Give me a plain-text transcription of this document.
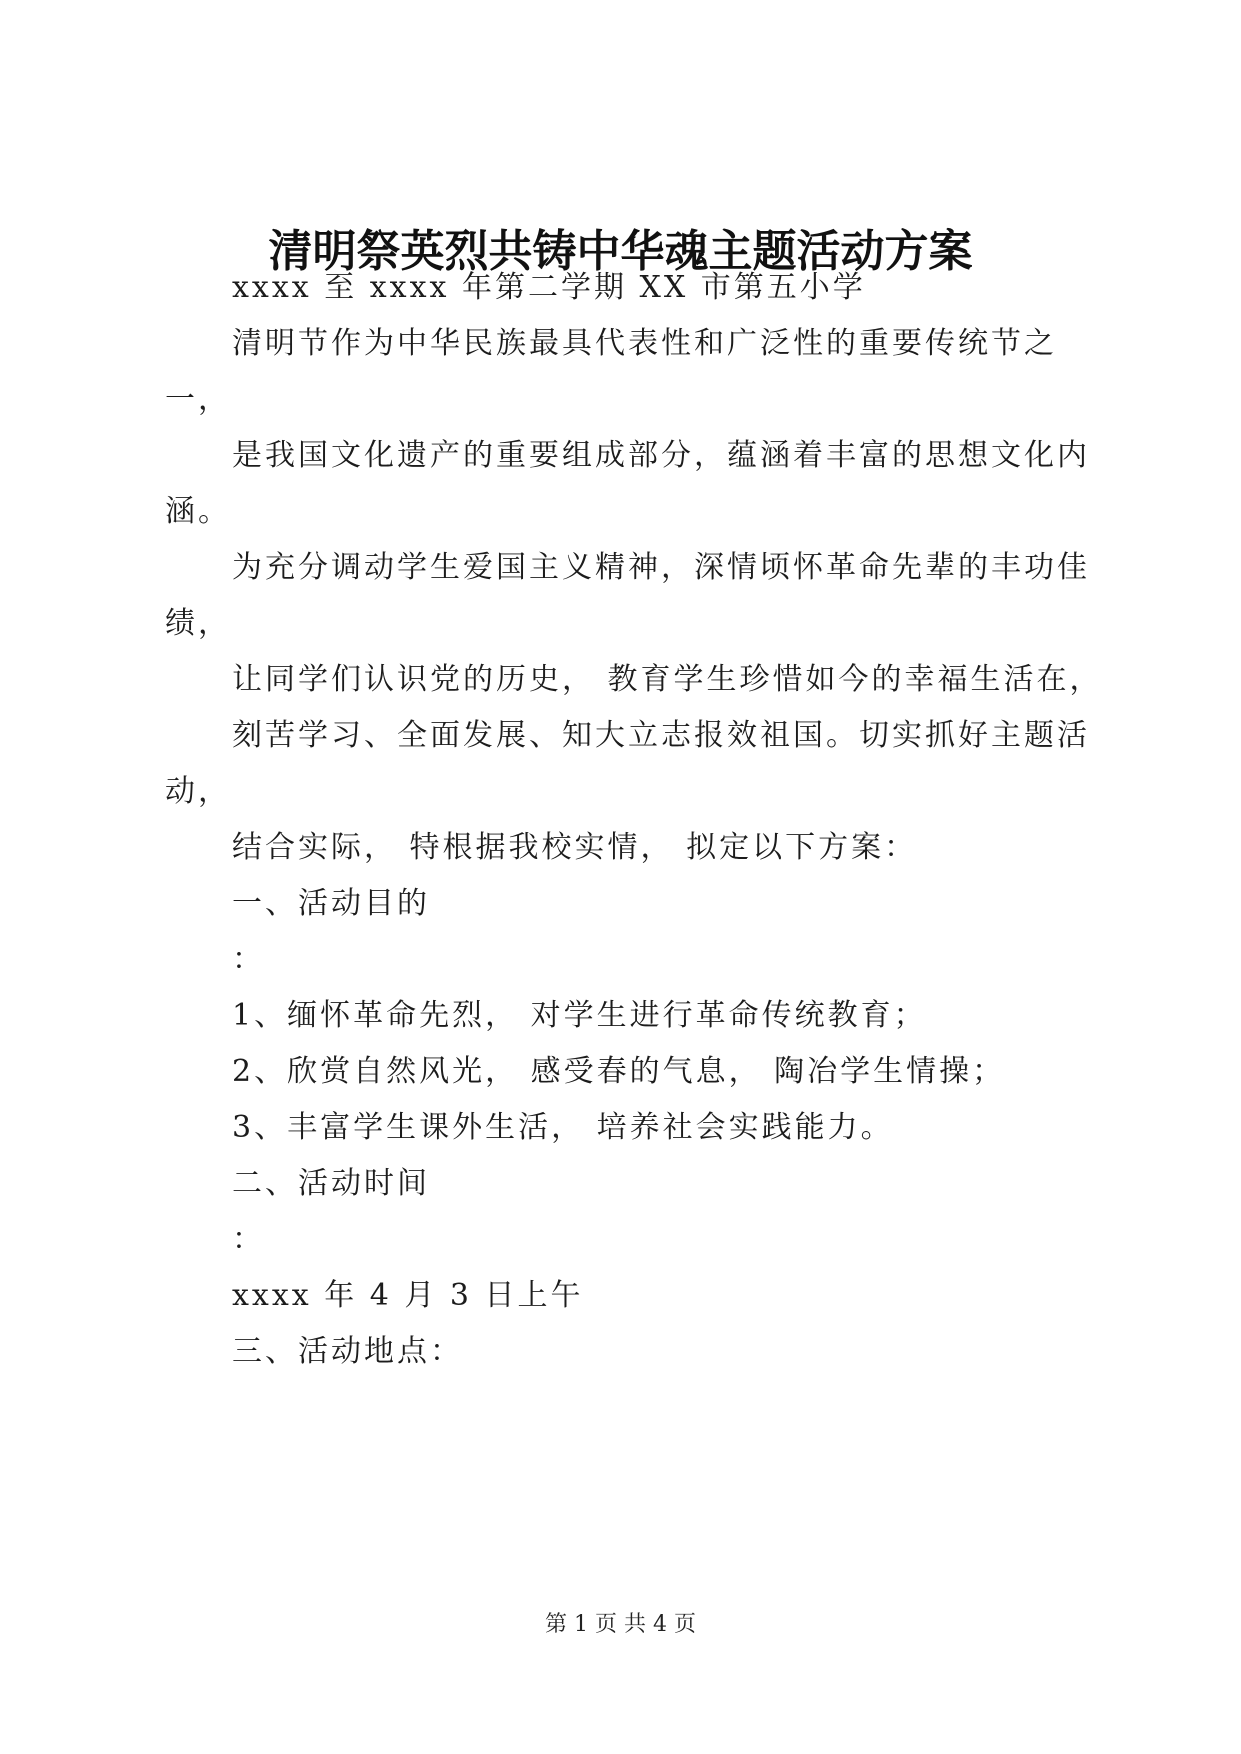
清明祭英烈共铸中华魂主题活动方案
xxxx 至 xxxx 年第二学期 XX 市第五小学
清明节作为中华民族最具代表性和广泛性的重要传统节之
一，
是我国文化遗产的重要组成部分，蕴涵着丰富的思想文化内
涵。
为充分调动学生爱国主义精神，深情顷怀革命先辈的丰功佳
绩，
让同学们认识党的历史， 教育学生珍惜如今的幸福生活在，
刻苦学习、全面发展、知大立志报效祖国。切实抓好主题活
动，
结合实际， 特根据我校实情， 拟定以下方案：
一、活动目的
：
1、缅怀革命先烈， 对学生进行革命传统教育；
2、欣赏自然风光， 感受春的气息， 陶冶学生情操；
3、丰富学生课外生活， 培养社会实践能力。
二、活动时间
：
xxxx 年 4 月 3 日上午
三、活动地点：
第 1 页 共 4 页
